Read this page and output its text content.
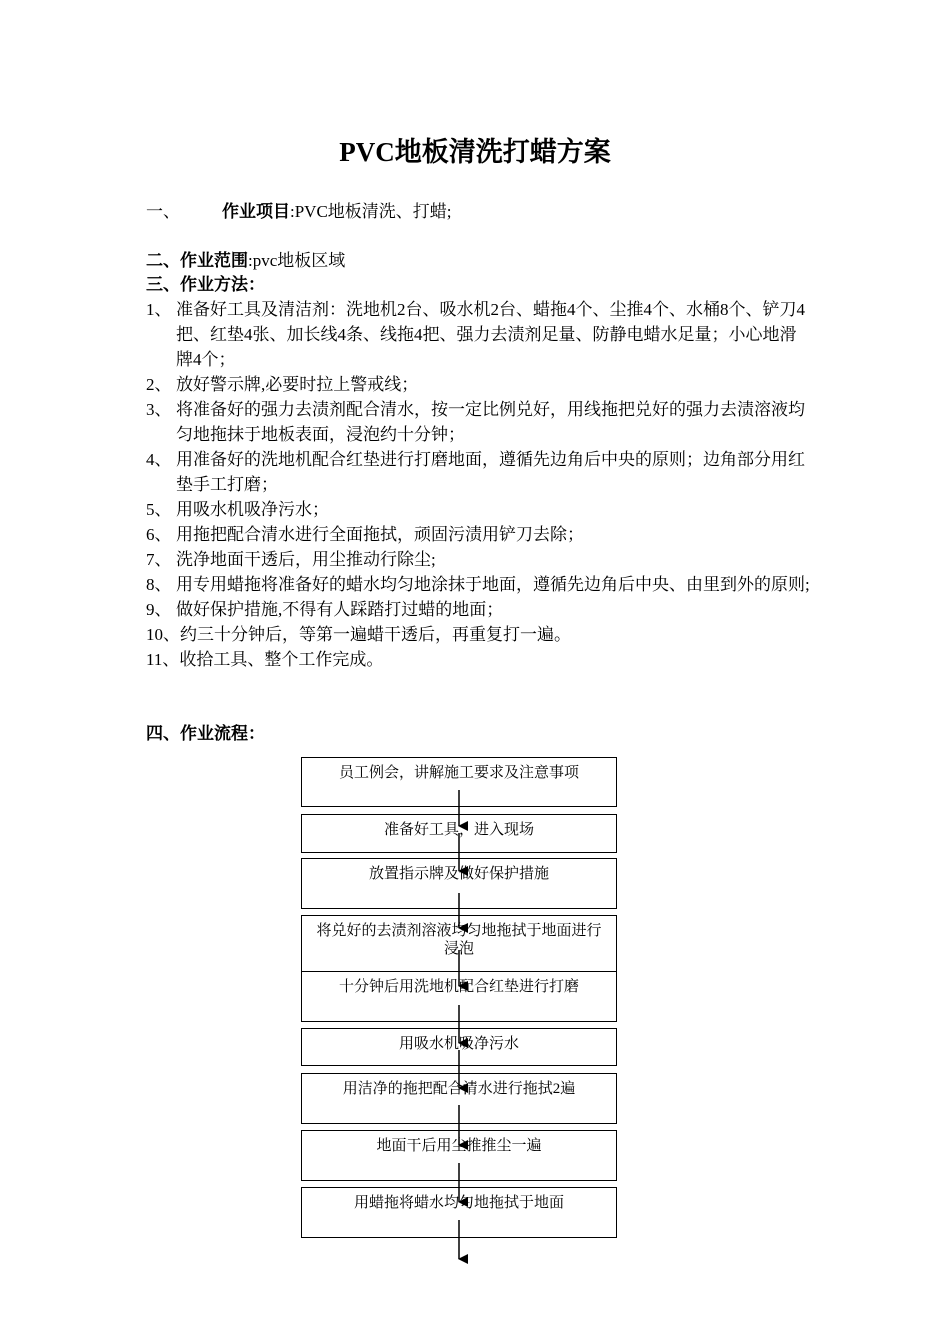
PVC地板清洗打蜡方案
一、 作业项目:PVC地板清洗、打蜡;
二、作业范围:pvc地板区域
三、作业方法：
1、 准备好工具及清洁剂：洗地机2台、吸水机2台、蜡拖4个、尘推4个、水桶8个、铲刀4把、红垫4张、加长线4条、线拖4把、强力去渍剂足量、防静电蜡水足量；小心地滑牌4个；
2、 放好警示牌,必要时拉上警戒线；
3、 将准备好的强力去渍剂配合清水，按一定比例兑好，用线拖把兑好的强力去渍溶液均匀地拖抹于地板表面，浸泡约十分钟；
4、 用准备好的洗地机配合红垫进行打磨地面，遵循先边角后中央的原则；边角部分用红垫手工打磨；
5、 用吸水机吸净污水；
6、 用拖把配合清水进行全面拖拭，顽固污渍用铲刀去除；
7、 洗净地面干透后，用尘推动行除尘;
8、 用专用蜡拖将准备好的蜡水均匀地涂抹于地面，遵循先边角后中央、由里到外的原则;
9、 做好保护措施,不得有人踩踏打过蜡的地面；
10、约三十分钟后，等第一遍蜡干透后，再重复打一遍。
11、收拾工具、整个工作完成。
四、作业流程：
员工例会，讲解施工要求及注意事项
准备好工具，进入现场
放置指示牌及做好保护措施
将兑好的去渍剂溶液均匀地拖拭于地面进行浸泡
十分钟后用洗地机配合红垫进行打磨
用吸水机吸净污水
用洁净的拖把配合清水进行拖拭2遍
地面干后用尘推推尘一遍
用蜡拖将蜡水均匀地拖拭于地面
